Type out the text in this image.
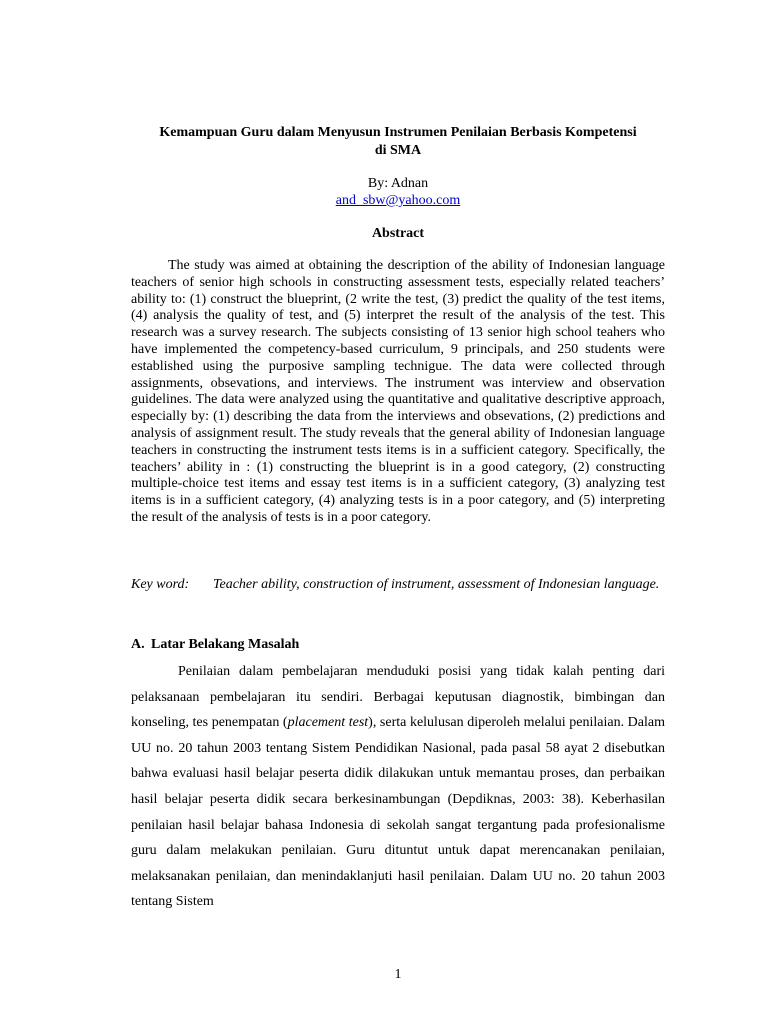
Kemampuan Guru dalam Menyusun Instrumen Penilaian Berbasis Kompetensi
di SMA
By: Adnan
and_sbw@yahoo.com
Abstract

The study was aimed at obtaining the description of the ability of Indonesian language teachers of senior high schools in constructing assessment tests, especially related teachers’ ability to: (1) construct the blueprint, (2 write the test, (3) predict the quality of the test items, (4) analysis the quality of test, and (5) interpret the result of the analysis of the test. This research was a survey research. The subjects consisting of 13 senior high school teahers who have implemented the competency-based curriculum, 9 principals, and 250 students were established using the purposive sampling technigue. The data were collected through assignments, obsevations, and interviews. The instrument was interview and observation guidelines. The data were analyzed using the quantitative and qualitative descriptive approach, especially by: (1) describing the data from the interviews and obsevations, (2) predictions and analysis of assignment result. The study reveals that the general ability of Indonesian language teachers in constructing the instrument tests items is in a sufficient category. Specifically, the teachers’ ability in : (1) constructing the blueprint is in a good category, (2) constructing multiple-choice test items and essay test items is in a sufficient category, (3) analyzing test items is in a sufficient category, (4) analyzing tests is in a poor category, and (5) interpreting the result of the analysis of tests is in a poor category.

Key word:	Teacher ability, construction of instrument, assessment of Indonesian language.
A. Latar Belakang Masalah

Penilaian dalam pembelajaran menduduki posisi yang tidak kalah penting dari pelaksanaan pembelajaran itu sendiri. Berbagai keputusan diagnostik, bimbingan dan konseling, tes penempatan (placement test), serta kelulusan diperoleh melalui penilaian. Dalam UU no. 20 tahun 2003 tentang Sistem Pendidikan Nasional, pada pasal 58 ayat 2 disebutkan bahwa evaluasi hasil belajar peserta didik dilakukan untuk memantau proses, dan perbaikan hasil belajar peserta didik secara berkesinambungan (Depdiknas, 2003: 38). Keberhasilan penilaian hasil belajar bahasa Indonesia di sekolah sangat tergantung pada profesionalisme guru dalam melakukan penilaian. Guru dituntut untuk dapat merencanakan penilaian, melaksanakan penilaian, dan menindaklanjuti hasil penilaian. Dalam UU no. 20 tahun 2003 tentang Sistem

1
